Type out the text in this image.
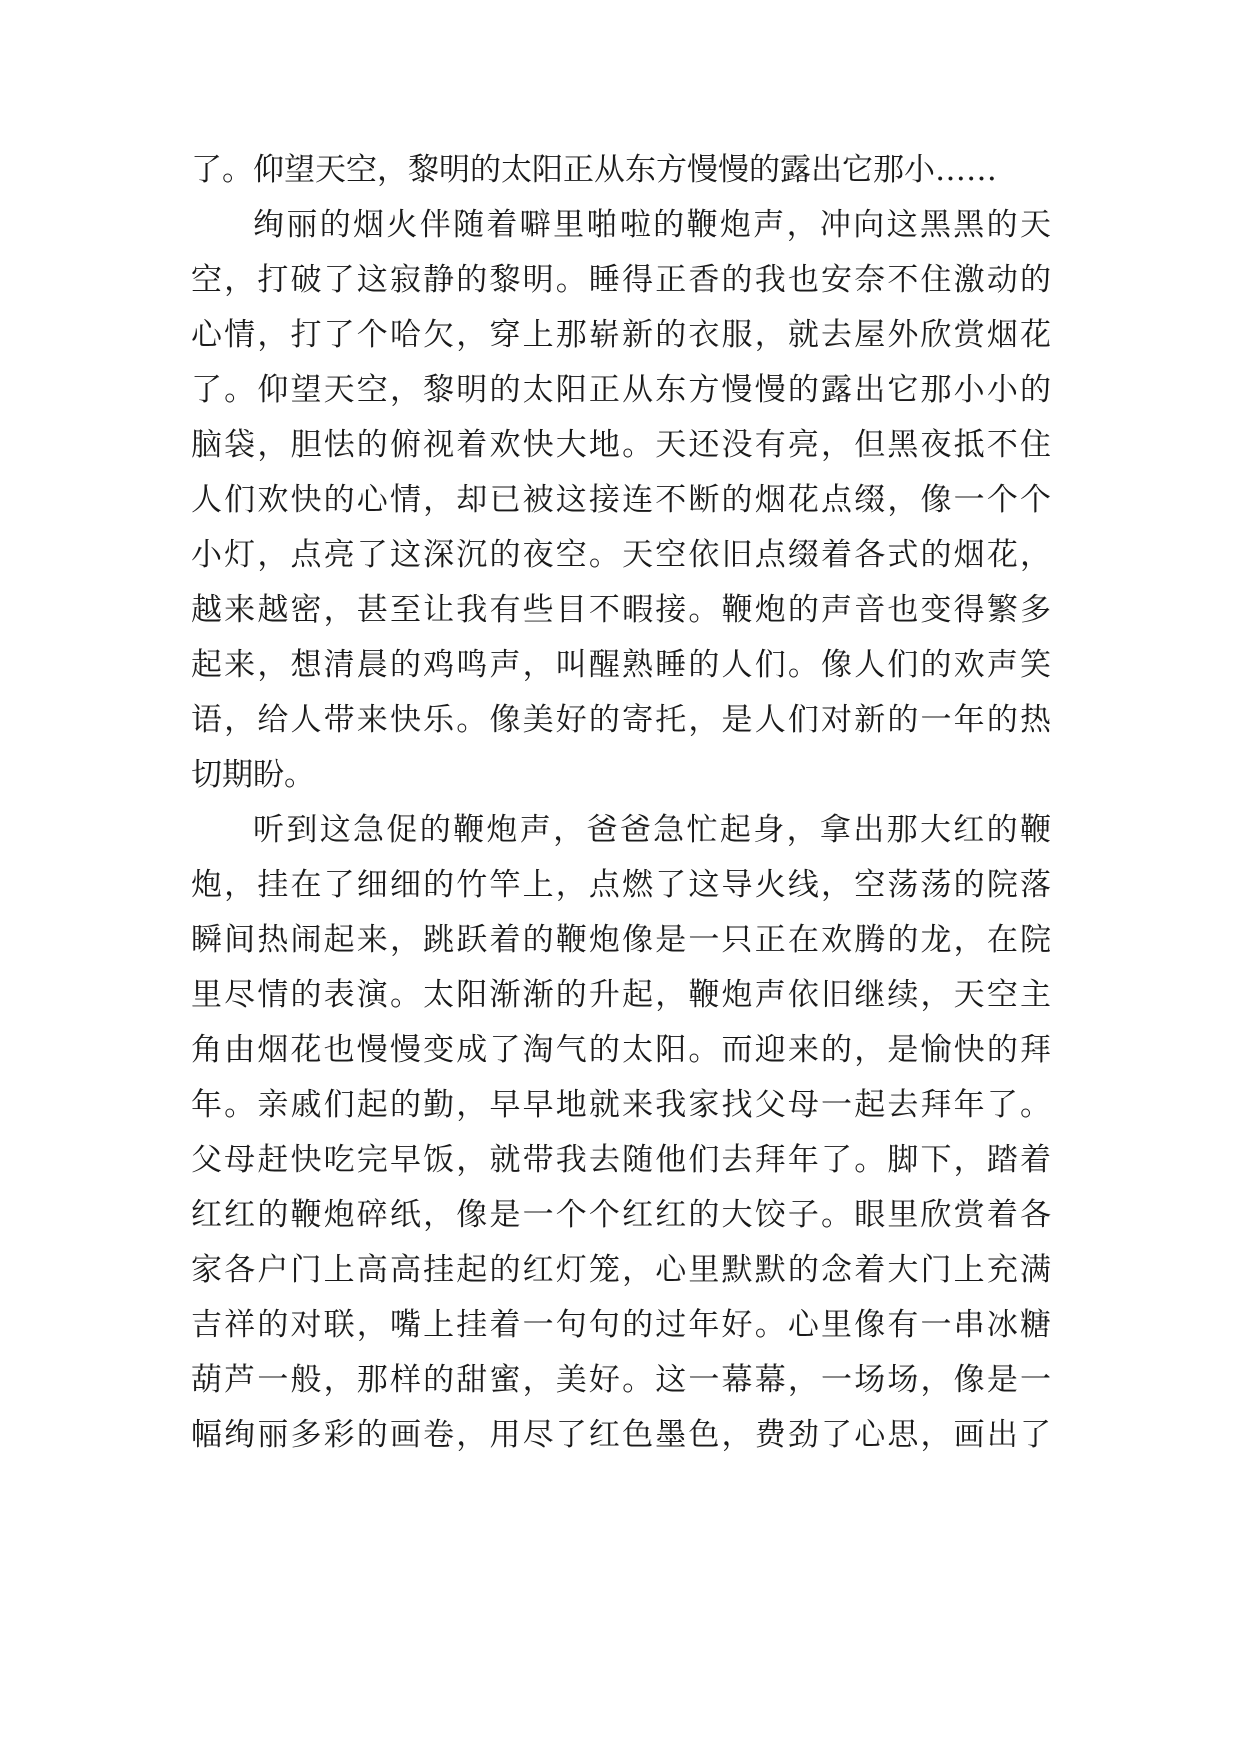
了。仰望天空，黎明的太阳正从东方慢慢的露出它那小……
绚丽的烟火伴随着噼里啪啦的鞭炮声，冲向这黑黑的天
空，打破了这寂静的黎明。睡得正香的我也安奈不住激动的
心情，打了个哈欠，穿上那崭新的衣服，就去屋外欣赏烟花
了。仰望天空，黎明的太阳正从东方慢慢的露出它那小小的
脑袋，胆怯的俯视着欢快大地。天还没有亮，但黑夜抵不住
人们欢快的心情，却已被这接连不断的烟花点缀，像一个个
小灯，点亮了这深沉的夜空。天空依旧点缀着各式的烟花，
越来越密，甚至让我有些目不暇接。鞭炮的声音也变得繁多
起来，想清晨的鸡鸣声，叫醒熟睡的人们。像人们的欢声笑
语，给人带来快乐。像美好的寄托，是人们对新的一年的热
切期盼。
听到这急促的鞭炮声，爸爸急忙起身，拿出那大红的鞭
炮，挂在了细细的竹竿上，点燃了这导火线，空荡荡的院落
瞬间热闹起来，跳跃着的鞭炮像是一只正在欢腾的龙，在院
里尽情的表演。太阳渐渐的升起，鞭炮声依旧继续，天空主
角由烟花也慢慢变成了淘气的太阳。而迎来的，是愉快的拜
年。亲戚们起的勤，早早地就来我家找父母一起去拜年了。
父母赶快吃完早饭，就带我去随他们去拜年了。脚下，踏着
红红的鞭炮碎纸，像是一个个红红的大饺子。眼里欣赏着各
家各户门上高高挂起的红灯笼，心里默默的念着大门上充满
吉祥的对联，嘴上挂着一句句的过年好。心里像有一串冰糖
葫芦一般，那样的甜蜜，美好。这一幕幕，一场场，像是一
幅绚丽多彩的画卷，用尽了红色墨色，费劲了心思，画出了
